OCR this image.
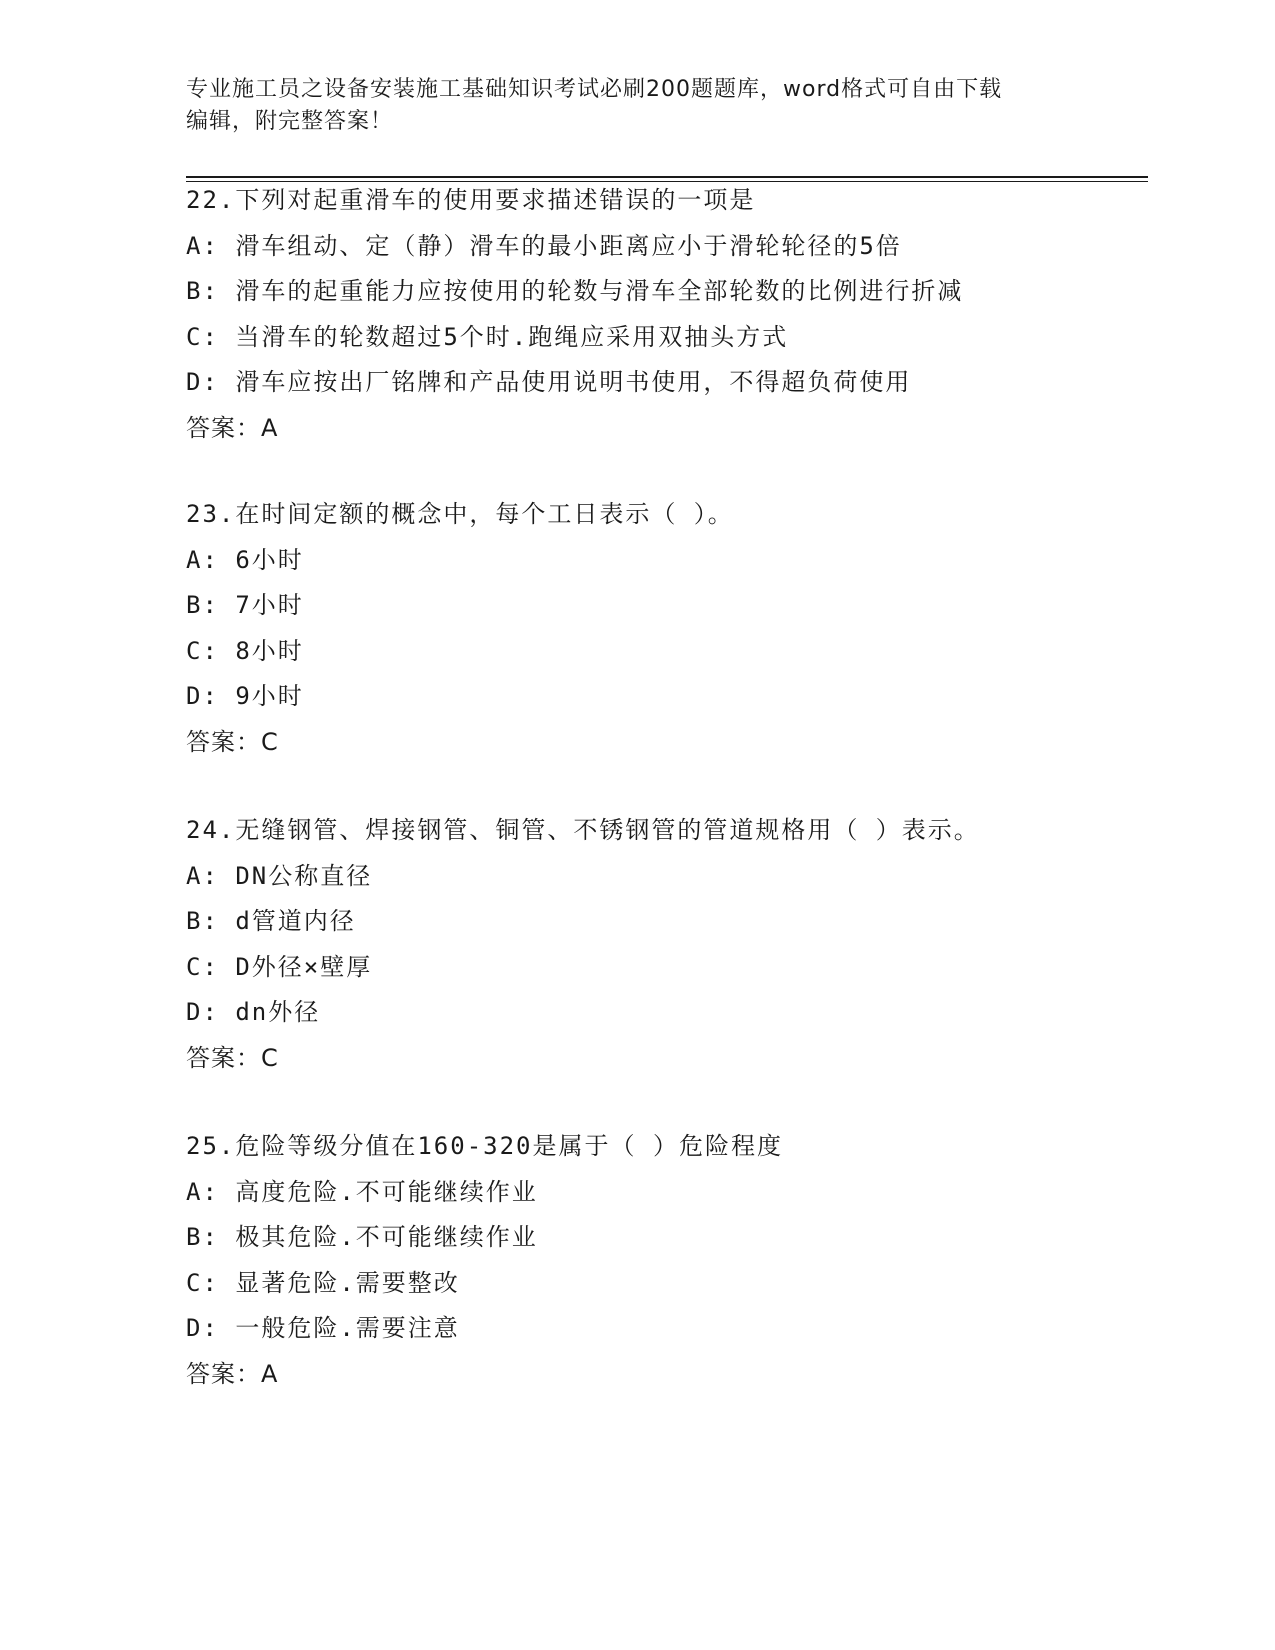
专业施工员之设备安装施工基础知识考试必刷200题题库，word格式可自由下载
编辑，附完整答案！
22.下列对起重滑车的使用要求描述错误的一项是
A: 滑车组动、定（静）滑车的最小距离应小于滑轮轮径的5倍
B: 滑车的起重能力应按使用的轮数与滑车全部轮数的比例进行折减
C: 当滑车的轮数超过5个时.跑绳应采用双抽头方式
D: 滑车应按出厂铭牌和产品使用说明书使用，不得超负荷使用
答案：A
23.在时间定额的概念中，每个工日表示（ ）。
A: 6小时
B: 7小时
C: 8小时
D: 9小时
答案：C
24.无缝钢管、焊接钢管、铜管、不锈钢管的管道规格用（ ）表示。
A: DN公称直径
B: d管道内径
C: D外径×壁厚
D: dn外径
答案：C
25.危险等级分值在160-320是属于（ ）危险程度
A: 高度危险.不可能继续作业
B: 极其危险.不可能继续作业
C: 显著危险.需要整改
D: 一般危险.需要注意
答案：A
